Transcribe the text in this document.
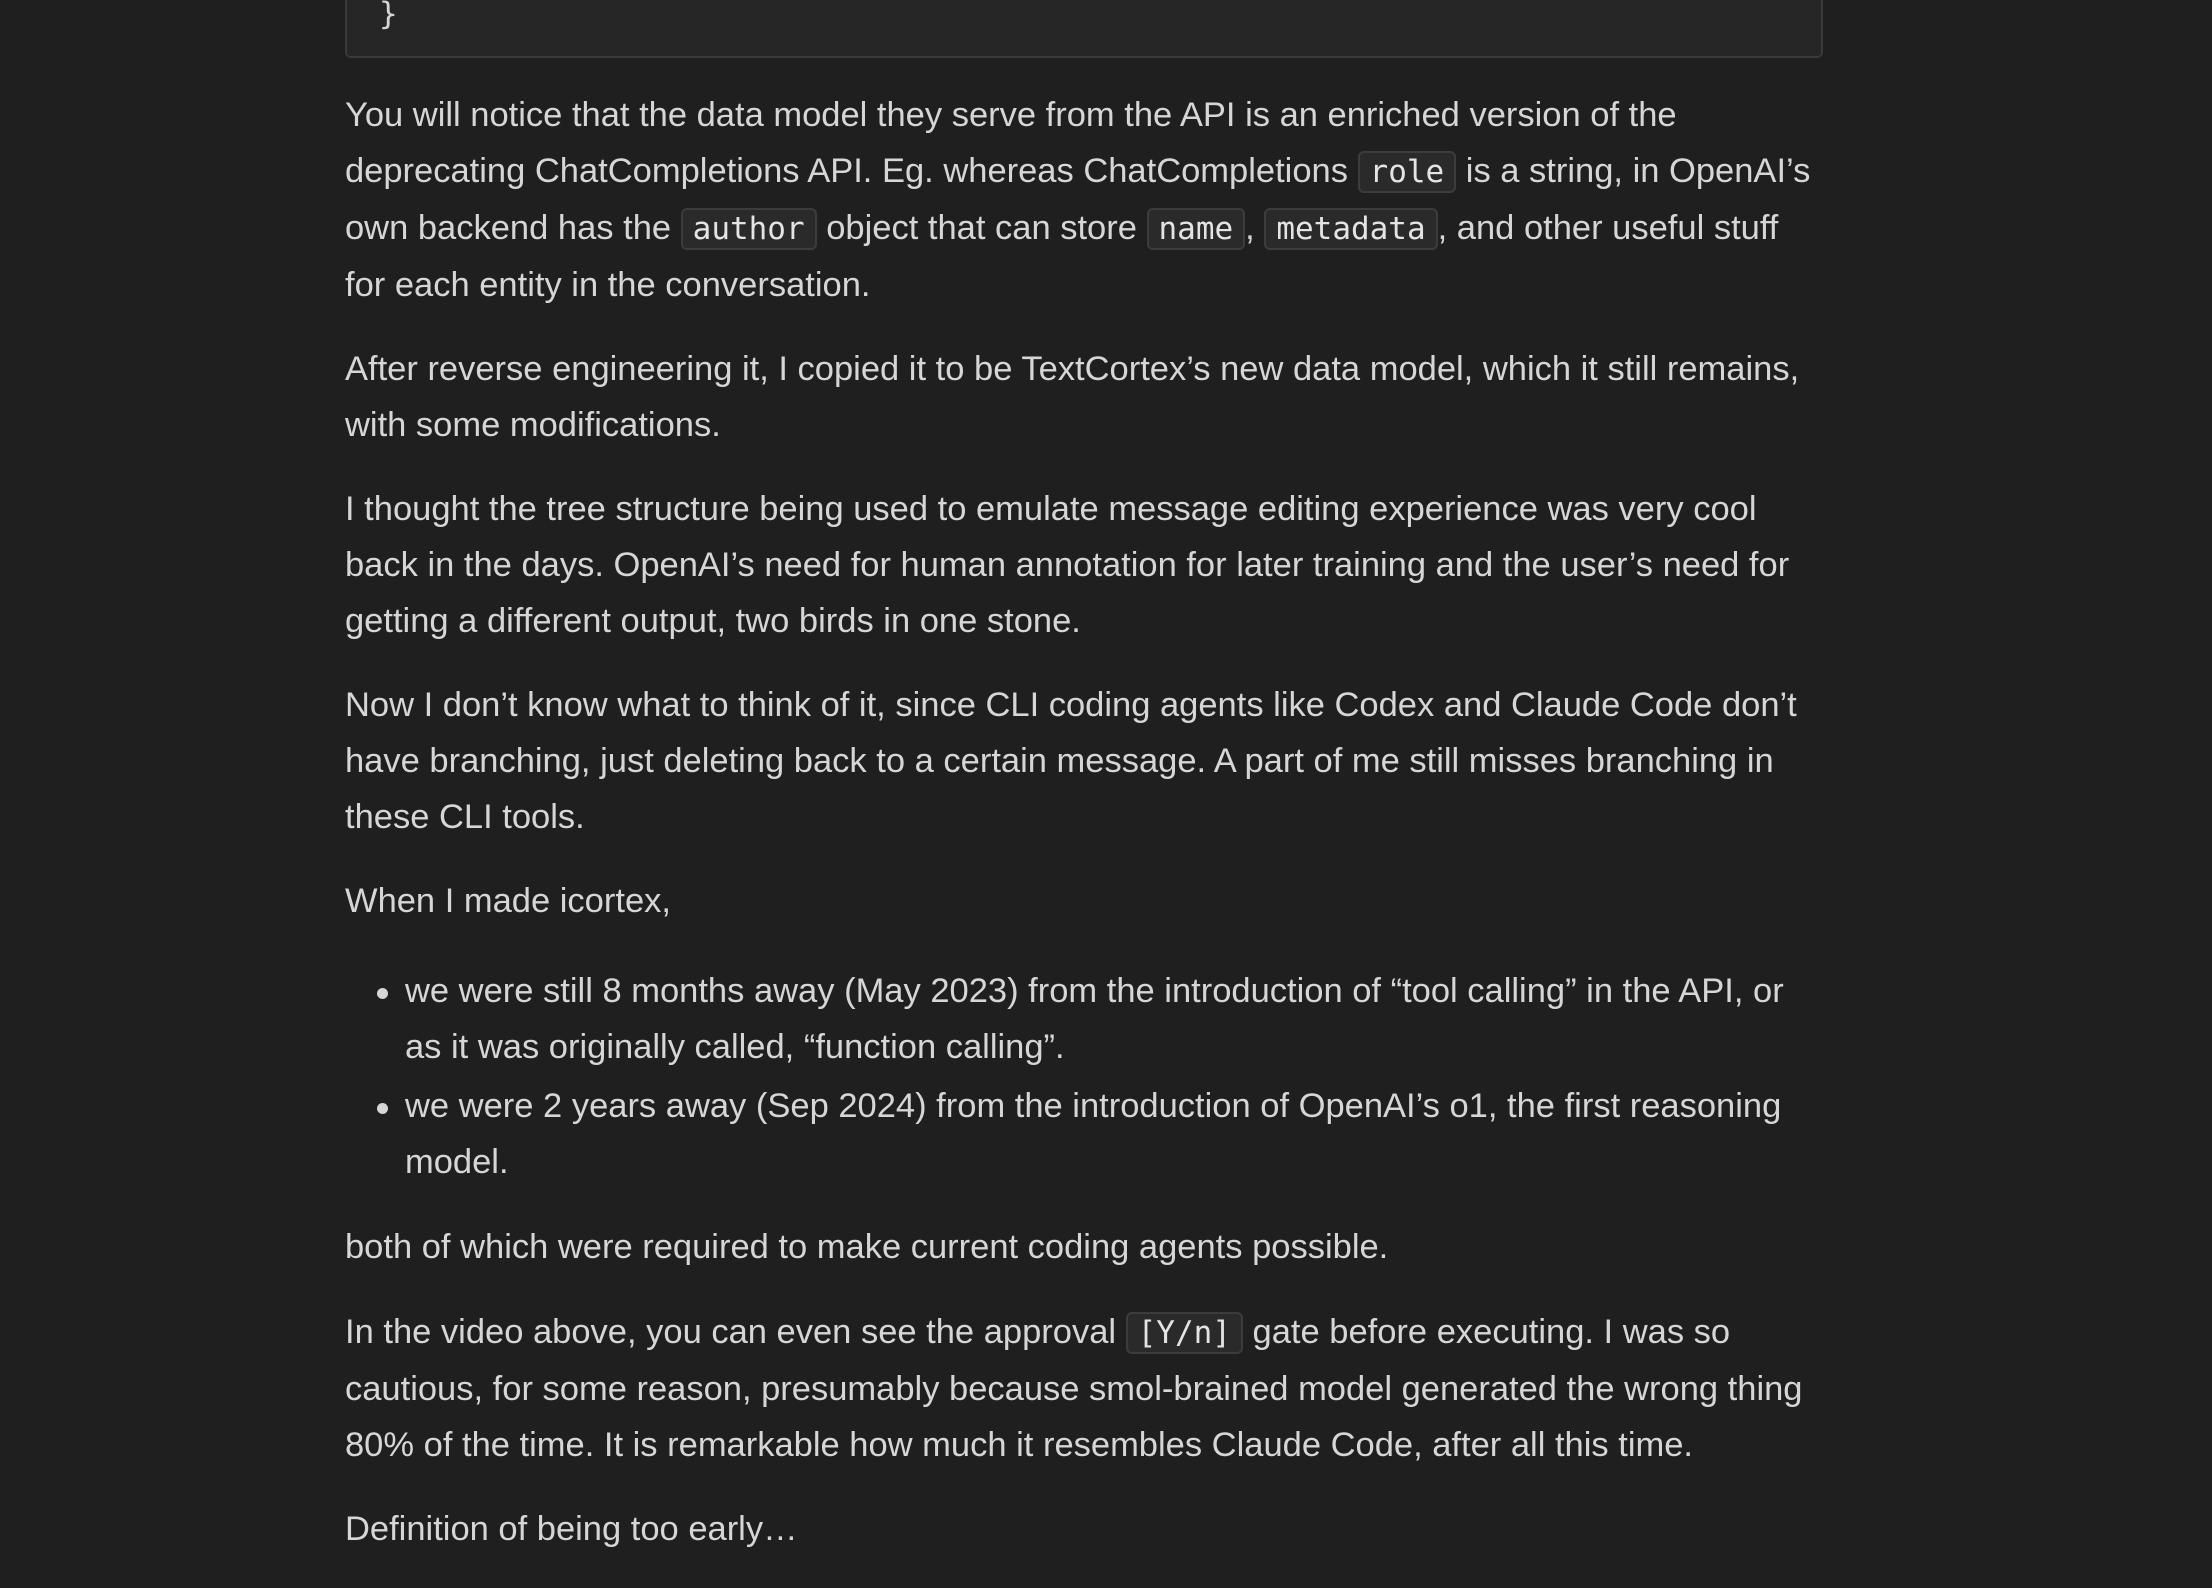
}

You will notice that the data model they serve from the API is an enriched version of the deprecating ChatCompletions API. Eg. whereas ChatCompletions role is a string, in OpenAI’s own backend has the author object that can store name , metadata , and other useful stuff for each entity in the conversation.

After reverse engineering it, I copied it to be TextCortex’s new data model, which it still remains, with some modifications.

I thought the tree structure being used to emulate message editing experience was very cool back in the days. OpenAI’s need for human annotation for later training and the user’s need for getting a different output, two birds in one stone.

Now I don’t know what to think of it, since CLI coding agents like Codex and Claude Code don’t have branching, just deleting back to a certain message. A part of me still misses branching in these CLI tools.

When I made icortex,

we were still 8 months away (May 2023) from the introduction of “tool calling” in the API, or as it was originally called, “function calling”.
we were 2 years away (Sep 2024) from the introduction of OpenAI’s o1, the first reasoning model.

both of which were required to make current coding agents possible.

In the video above, you can even see the approval [Y/n] gate before executing. I was so cautious, for some reason, presumably because smol-brained model generated the wrong thing 80% of the time. It is remarkable how much it resembles Claude Code, after all this time.

Definition of being too early…
